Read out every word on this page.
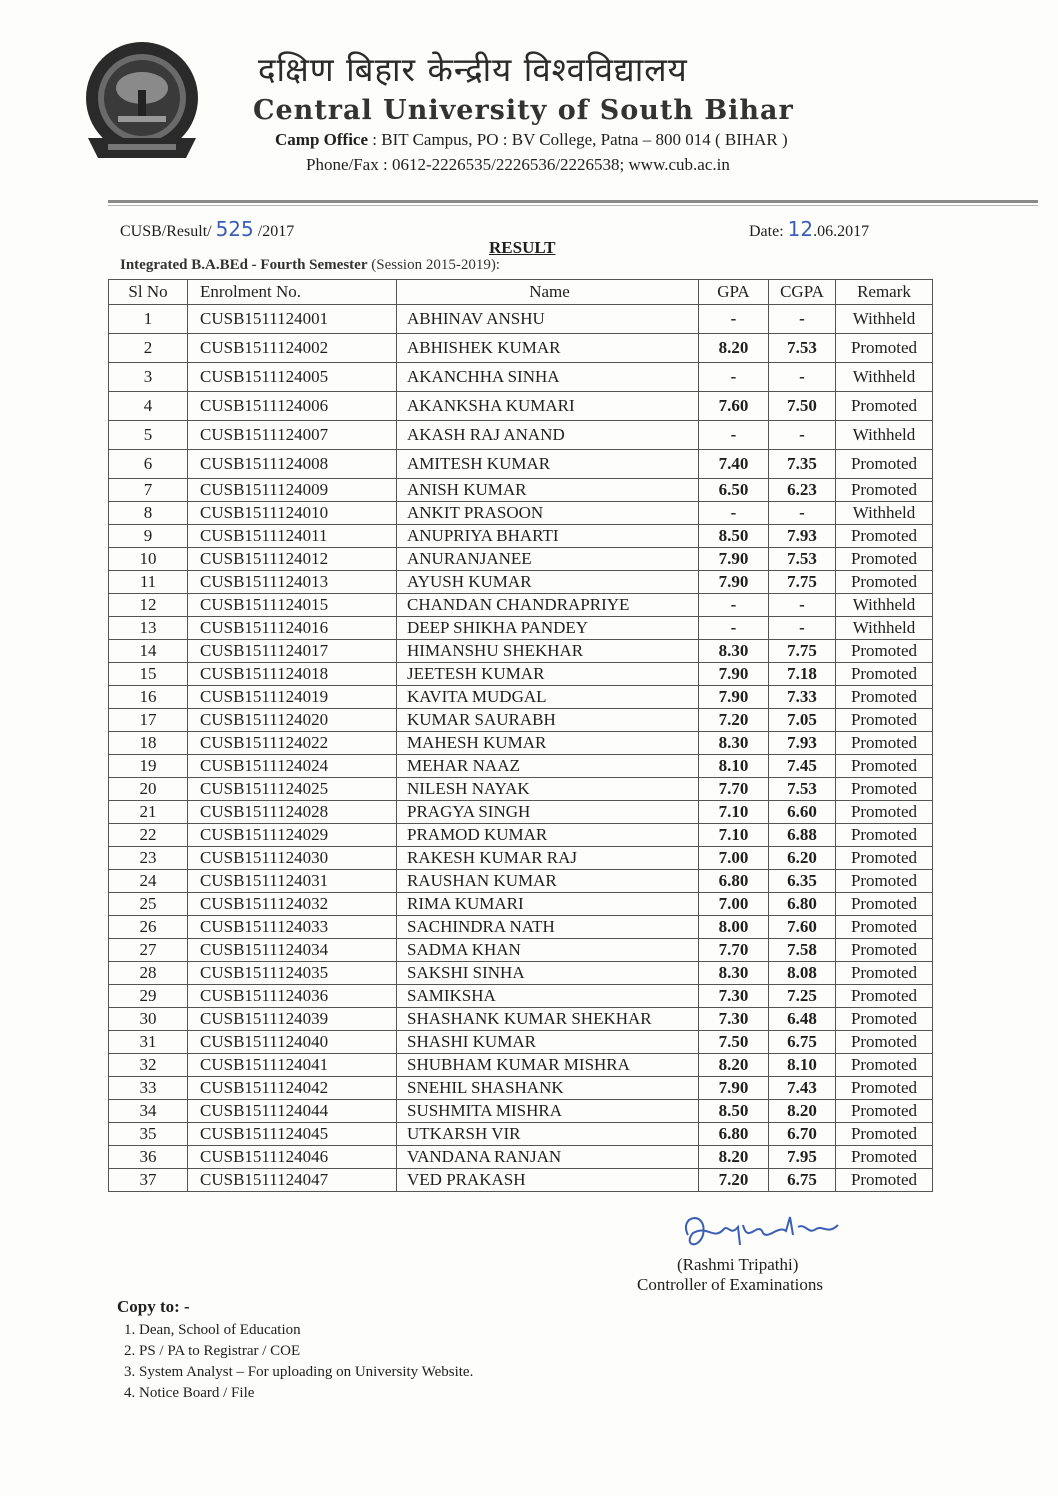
दक्षिण बिहार केन्द्रीय विश्वविद्यालय
Central University of South Bihar
Camp Office : BIT Campus, PO : BV College, Patna – 800 014 ( BIHAR )
Phone/Fax : 0612-2226535/2226536/2226538; www.cub.ac.in
CUSB/Result/ 525 /2017	Date: 12.06.2017
RESULT
Integrated B.A.BEd - Fourth Semester (Session 2015-2019):
Sl No	Enrolment No.	Name	GPA	CGPA	Remark
1	CUSB1511124001	ABHINAV ANSHU	-	-	Withheld
2	CUSB1511124002	ABHISHEK KUMAR	8.20	7.53	Promoted
3	CUSB1511124005	AKANCHHA SINHA	-	-	Withheld
4	CUSB1511124006	AKANKSHA KUMARI	7.60	7.50	Promoted
5	CUSB1511124007	AKASH RAJ ANAND	-	-	Withheld
6	CUSB1511124008	AMITESH KUMAR	7.40	7.35	Promoted
7	CUSB1511124009	ANISH KUMAR	6.50	6.23	Promoted
8	CUSB1511124010	ANKIT PRASOON	-	-	Withheld
9	CUSB1511124011	ANUPRIYA BHARTI	8.50	7.93	Promoted
10	CUSB1511124012	ANURANJANEE	7.90	7.53	Promoted
11	CUSB1511124013	AYUSH KUMAR	7.90	7.75	Promoted
12	CUSB1511124015	CHANDAN CHANDRAPRIYE	-	-	Withheld
13	CUSB1511124016	DEEP SHIKHA PANDEY	-	-	Withheld
14	CUSB1511124017	HIMANSHU SHEKHAR	8.30	7.75	Promoted
15	CUSB1511124018	JEETESH KUMAR	7.90	7.18	Promoted
16	CUSB1511124019	KAVITA MUDGAL	7.90	7.33	Promoted
17	CUSB1511124020	KUMAR SAURABH	7.20	7.05	Promoted
18	CUSB1511124022	MAHESH KUMAR	8.30	7.93	Promoted
19	CUSB1511124024	MEHAR NAAZ	8.10	7.45	Promoted
20	CUSB1511124025	NILESH NAYAK	7.70	7.53	Promoted
21	CUSB1511124028	PRAGYA SINGH	7.10	6.60	Promoted
22	CUSB1511124029	PRAMOD KUMAR	7.10	6.88	Promoted
23	CUSB1511124030	RAKESH KUMAR RAJ	7.00	6.20	Promoted
24	CUSB1511124031	RAUSHAN KUMAR	6.80	6.35	Promoted
25	CUSB1511124032	RIMA KUMARI	7.00	6.80	Promoted
26	CUSB1511124033	SACHINDRA NATH	8.00	7.60	Promoted
27	CUSB1511124034	SADMA KHAN	7.70	7.58	Promoted
28	CUSB1511124035	SAKSHI SINHA	8.30	8.08	Promoted
29	CUSB1511124036	SAMIKSHA	7.30	7.25	Promoted
30	CUSB1511124039	SHASHANK KUMAR SHEKHAR	7.30	6.48	Promoted
31	CUSB1511124040	SHASHI KUMAR	7.50	6.75	Promoted
32	CUSB1511124041	SHUBHAM KUMAR MISHRA	8.20	8.10	Promoted
33	CUSB1511124042	SNEHIL SHASHANK	7.90	7.43	Promoted
34	CUSB1511124044	SUSHMITA MISHRA	8.50	8.20	Promoted
35	CUSB1511124045	UTKARSH VIR	6.80	6.70	Promoted
36	CUSB1511124046	VANDANA RANJAN	8.20	7.95	Promoted
37	CUSB1511124047	VED PRAKASH	7.20	6.75	Promoted
(Rashmi Tripathi)
Controller of Examinations
Copy to: -
1. Dean, School of Education
2. PS / PA to Registrar / COE
3. System Analyst – For uploading on University Website.
4. Notice Board / File
